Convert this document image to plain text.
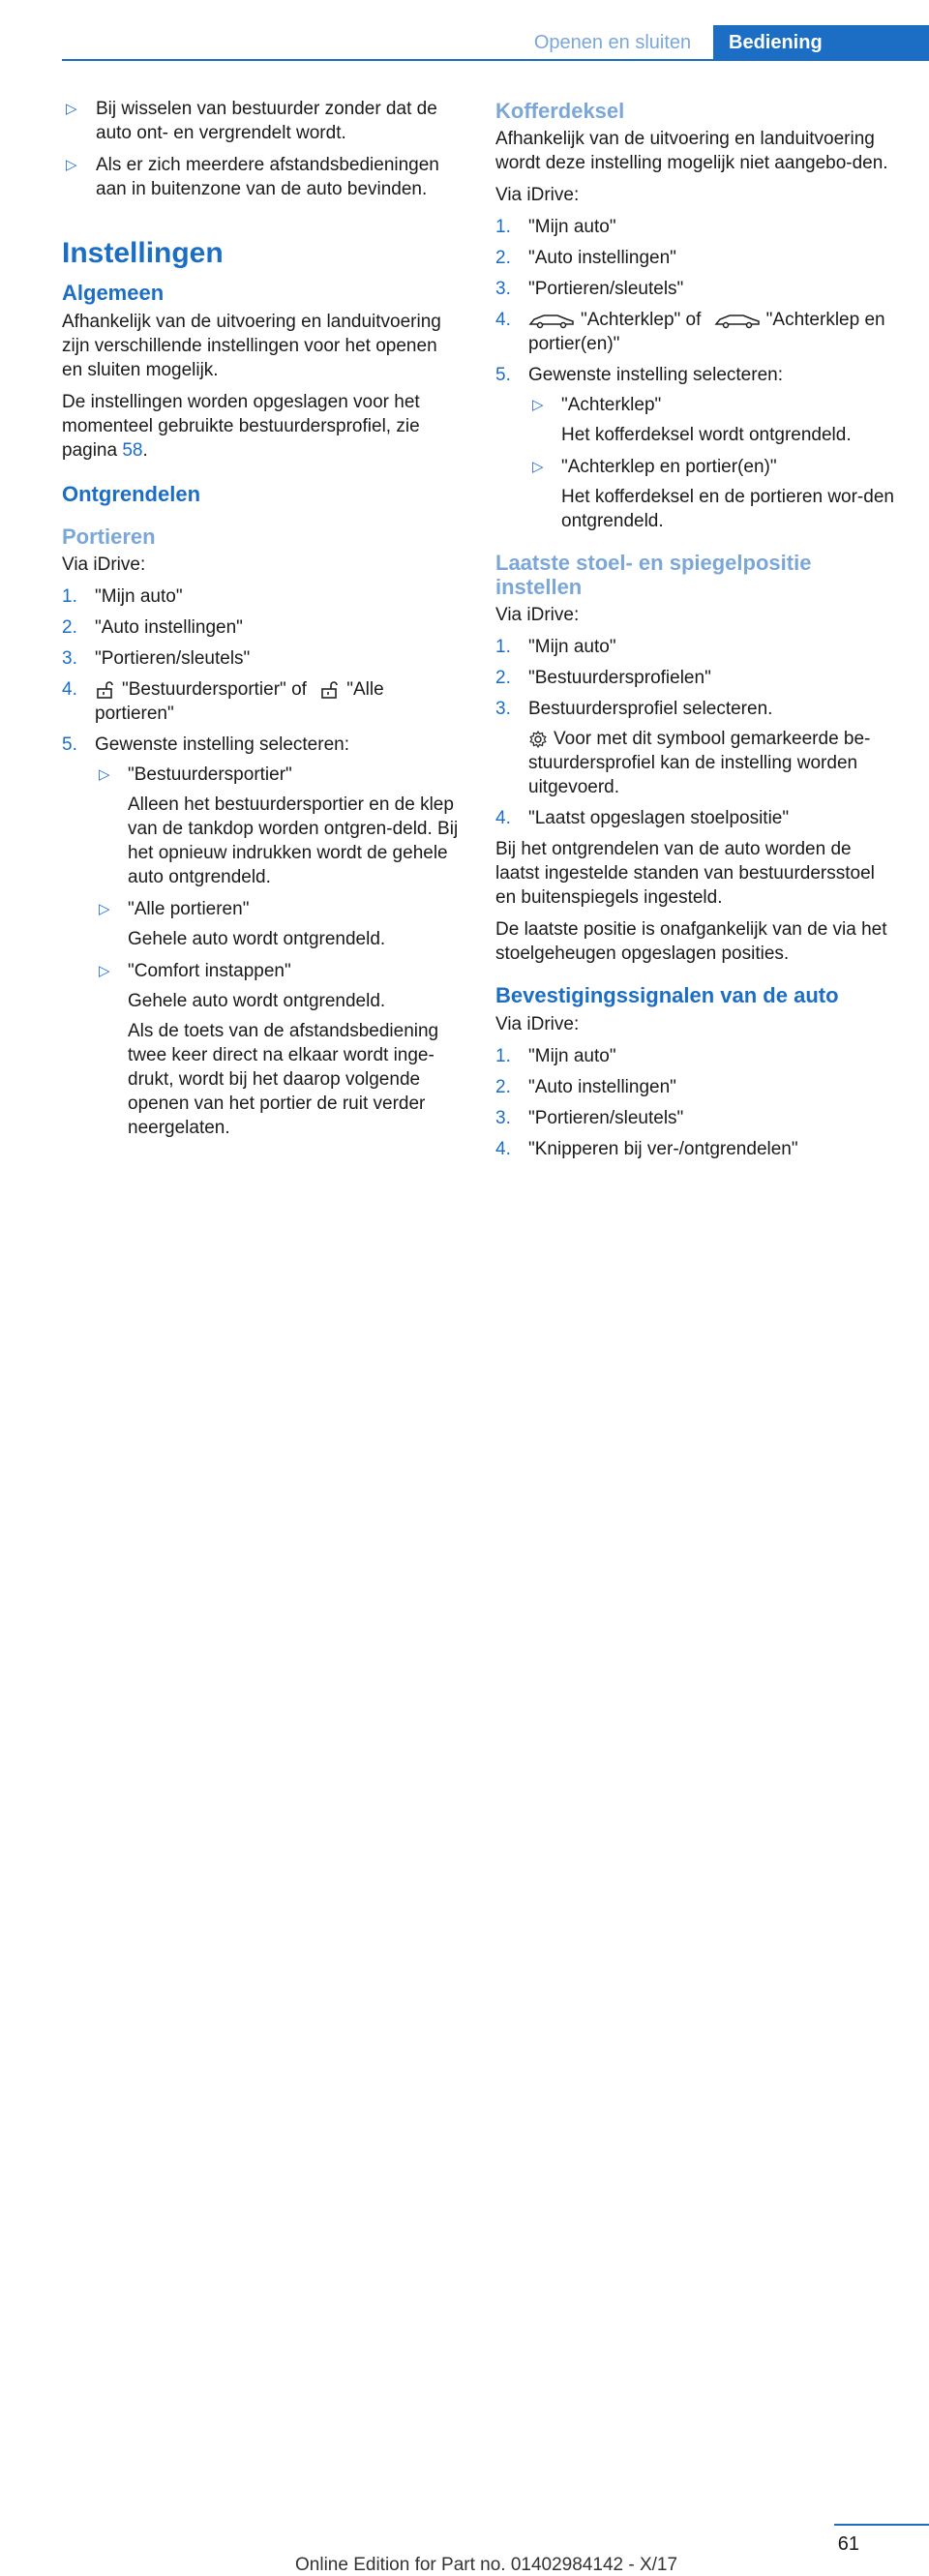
Openen en sluiten	Bediening
▷ Bij wisselen van bestuurder zonder dat de auto ont- en vergrendelt wordt.
▷ Als er zich meerdere afstandsbedieningen aan in buitenzone van de auto bevinden.
Instellingen
Algemeen

Afhankelijk van de uitvoering en landuitvoering zijn verschillende instellingen voor het openen en sluiten mogelijk.

De instellingen worden opgeslagen voor het momenteel gebruikte bestuurdersprofiel, zie pagina 58.

Ontgrendelen
Portieren

Via iDrive:

1. "Mijn auto"
2. "Auto instellingen"
3. "Portieren/sleutels"
4. "Bestuurdersportier" of "Alle portieren"
5. Gewenste instelling selecteren:
▷ "Bestuurdersportier"
Alleen het bestuurdersportier en de klep van de tankdop worden ontgren-deld. Bij het opnieuw indrukken wordt de gehele auto ontgrendeld.
▷ "Alle portieren"
Gehele auto wordt ontgrendeld.
▷ "Comfort instappen"
Gehele auto wordt ontgrendeld.
Als de toets van de afstandsbediening twee keer direct na elkaar wordt inge-drukt, wordt bij het daarop volgende openen van het portier de ruit verder neergelaten.
Kofferdeksel

Afhankelijk van de uitvoering en landuitvoering wordt deze instelling mogelijk niet aangebo-den.

Via iDrive:

1. "Mijn auto"
2. "Auto instellingen"
3. "Portieren/sleutels"
4.	"Achterklep" of	"Achterklep en portier(en)"
5. Gewenste instelling selecteren:
▷ "Achterklep"
Het kofferdeksel wordt ontgrendeld.
▷ "Achterklep en portier(en)"
Het kofferdeksel en de portieren wor-den ontgrendeld.
Laatste stoel- en spiegelpositie instellen

Via iDrive:

1. "Mijn auto"
2. "Bestuurdersprofielen"
3. Bestuurdersprofiel selecteren.
Voor met dit symbool gemarkeerde be-stuurdersprofiel kan de instelling worden uitgevoerd.
4. "Laatst opgeslagen stoelpositie"

Bij het ontgrendelen van de auto worden de laatst ingestelde standen van bestuurdersstoel en buitenspiegels ingesteld.

De laatste positie is onafgankelijk van de via het stoelgeheugen opgeslagen posities.

Bevestigingssignalen van de auto

Via iDrive:

1. "Mijn auto"
2. "Auto instellingen"
3. "Portieren/sleutels"
4. "Knipperen bij ver-/ontgrendelen"
61
Online Edition for Part no. 01402984142 - X/17
